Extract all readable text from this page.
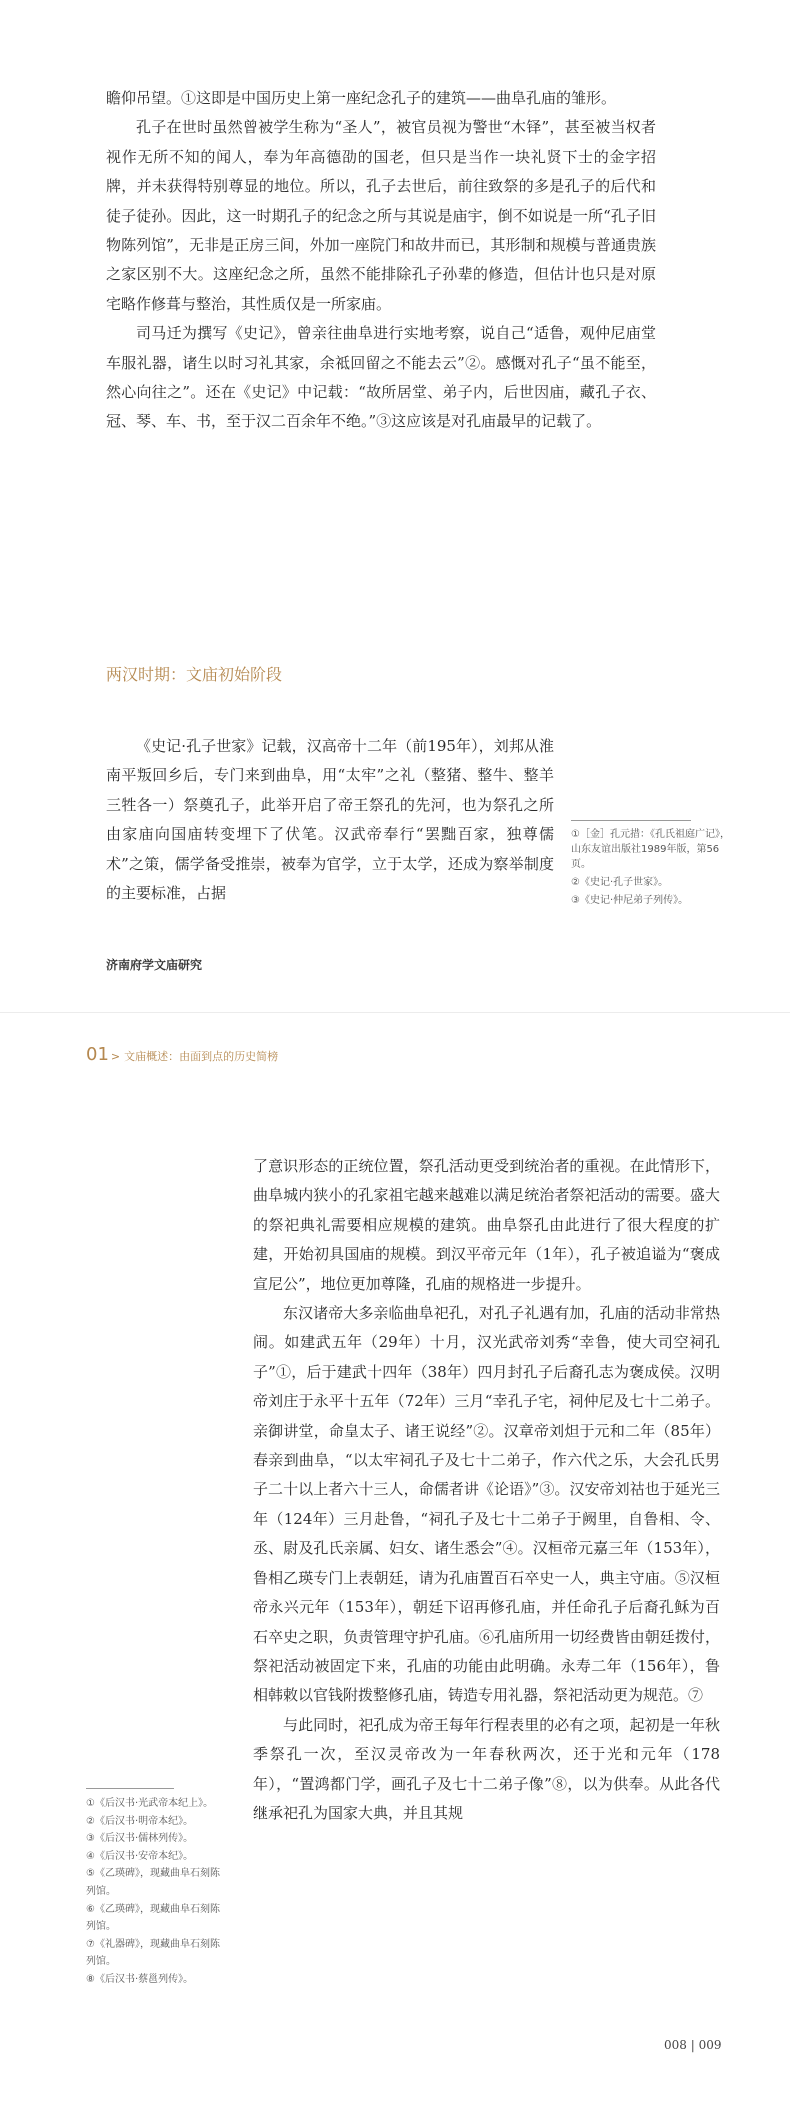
瞻仰吊望。①这即是中国历史上第一座纪念孔子的建筑——曲阜孔庙的雏形。

孔子在世时虽然曾被学生称为“圣人”，被官员视为警世“木铎”，甚至被当权者视作无所不知的闻人，奉为年高德劭的国老，但只是当作一块礼贤下士的金字招牌，并未获得特别尊显的地位。所以，孔子去世后，前往致祭的多是孔子的后代和徒子徒孙。因此，这一时期孔子的纪念之所与其说是庙宇，倒不如说是一所“孔子旧物陈列馆”，无非是正房三间，外加一座院门和故井而已，其形制和规模与普通贵族之家区别不大。这座纪念之所，虽然不能排除孔子孙辈的修造，但估计也只是对原宅略作修葺与整治，其性质仅是一所家庙。

司马迁为撰写《史记》，曾亲往曲阜进行实地考察，说自己“适鲁，观仲尼庙堂车服礼器，诸生以时习礼其家，余祗回留之不能去云”②。感慨对孔子“虽不能至，然心向往之”。还在《史记》中记载：“故所居堂、弟子内，后世因庙，藏孔子衣、冠、琴、车、书，至于汉二百余年不绝。”③这应该是对孔庙最早的记载了。

两汉时期：文庙初始阶段

《史记·孔子世家》记载，汉高帝十二年（前195年），刘邦从淮南平叛回乡后，专门来到曲阜，用“太牢”之礼（整猪、整牛、整羊三牲各一）祭奠孔子，此举开启了帝王祭孔的先河，也为祭孔之所由家庙向国庙转变埋下了伏笔。汉武帝奉行“罢黜百家，独尊儒术”之策，儒学备受推崇，被奉为官学，立于太学，还成为察举制度的主要标准，占据

①［金］孔元措：《孔氏祖庭广记》，山东友谊出版社1989年版，第56页。
②《史记·孔子世家》。
③《史记·仲尼弟子列传》。
济南府学文庙研究
01 > 文庙概述：由面到点的历史简榜

了意识形态的正统位置，祭孔活动更受到统治者的重视。在此情形下，曲阜城内狭小的孔家祖宅越来越难以满足统治者祭祀活动的需要。盛大的祭祀典礼需要相应规模的建筑。曲阜祭孔由此进行了很大程度的扩建，开始初具国庙的规模。到汉平帝元年（1年），孔子被追谥为“褒成宣尼公”，地位更加尊隆，孔庙的规格进一步提升。

东汉诸帝大多亲临曲阜祀孔，对孔子礼遇有加，孔庙的活动非常热闹。如建武五年（29年）十月，汉光武帝刘秀“幸鲁，使大司空祠孔子”①，后于建武十四年（38年）四月封孔子后裔孔志为褒成侯。汉明帝刘庄于永平十五年（72年）三月“幸孔子宅，祠仲尼及七十二弟子。亲御讲堂，命皇太子、诸王说经”②。汉章帝刘炟于元和二年（85年）春亲到曲阜，“以太牢祠孔子及七十二弟子，作六代之乐，大会孔氏男子二十以上者六十三人，命儒者讲《论语》”③。汉安帝刘祜也于延光三年（124年）三月赴鲁，“祠孔子及七十二弟子于阙里，自鲁相、令、丞、尉及孔氏亲属、妇女、诸生悉会”④。汉桓帝元嘉三年（153年），鲁相乙瑛专门上表朝廷，请为孔庙置百石卒史一人，典主守庙。⑤汉桓帝永兴元年（153年），朝廷下诏再修孔庙，并任命孔子后裔孔稣为百石卒史之职，负责管理守护孔庙。⑥孔庙所用一切经费皆由朝廷拨付，祭祀活动被固定下来，孔庙的功能由此明确。永寿二年（156年），鲁相韩敕以官钱附拨整修孔庙，铸造专用礼器，祭祀活动更为规范。⑦

与此同时，祀孔成为帝王每年行程表里的必有之项，起初是一年秋季祭孔一次，至汉灵帝改为一年春秋两次，还于光和元年（178年），“置鸿都门学，画孔子及七十二弟子像”⑧，以为供奉。从此各代继承祀孔为国家大典，并且其规

①《后汉书·光武帝本纪上》。
②《后汉书·明帝本纪》。
③《后汉书·儒林列传》。
④《后汉书·安帝本纪》。
⑤《乙瑛碑》，现藏曲阜石刻陈列馆。
⑥《乙瑛碑》，现藏曲阜石刻陈列馆。
⑦《礼器碑》，现藏曲阜石刻陈列馆。
⑧《后汉书·蔡邕列传》。
008 | 009
